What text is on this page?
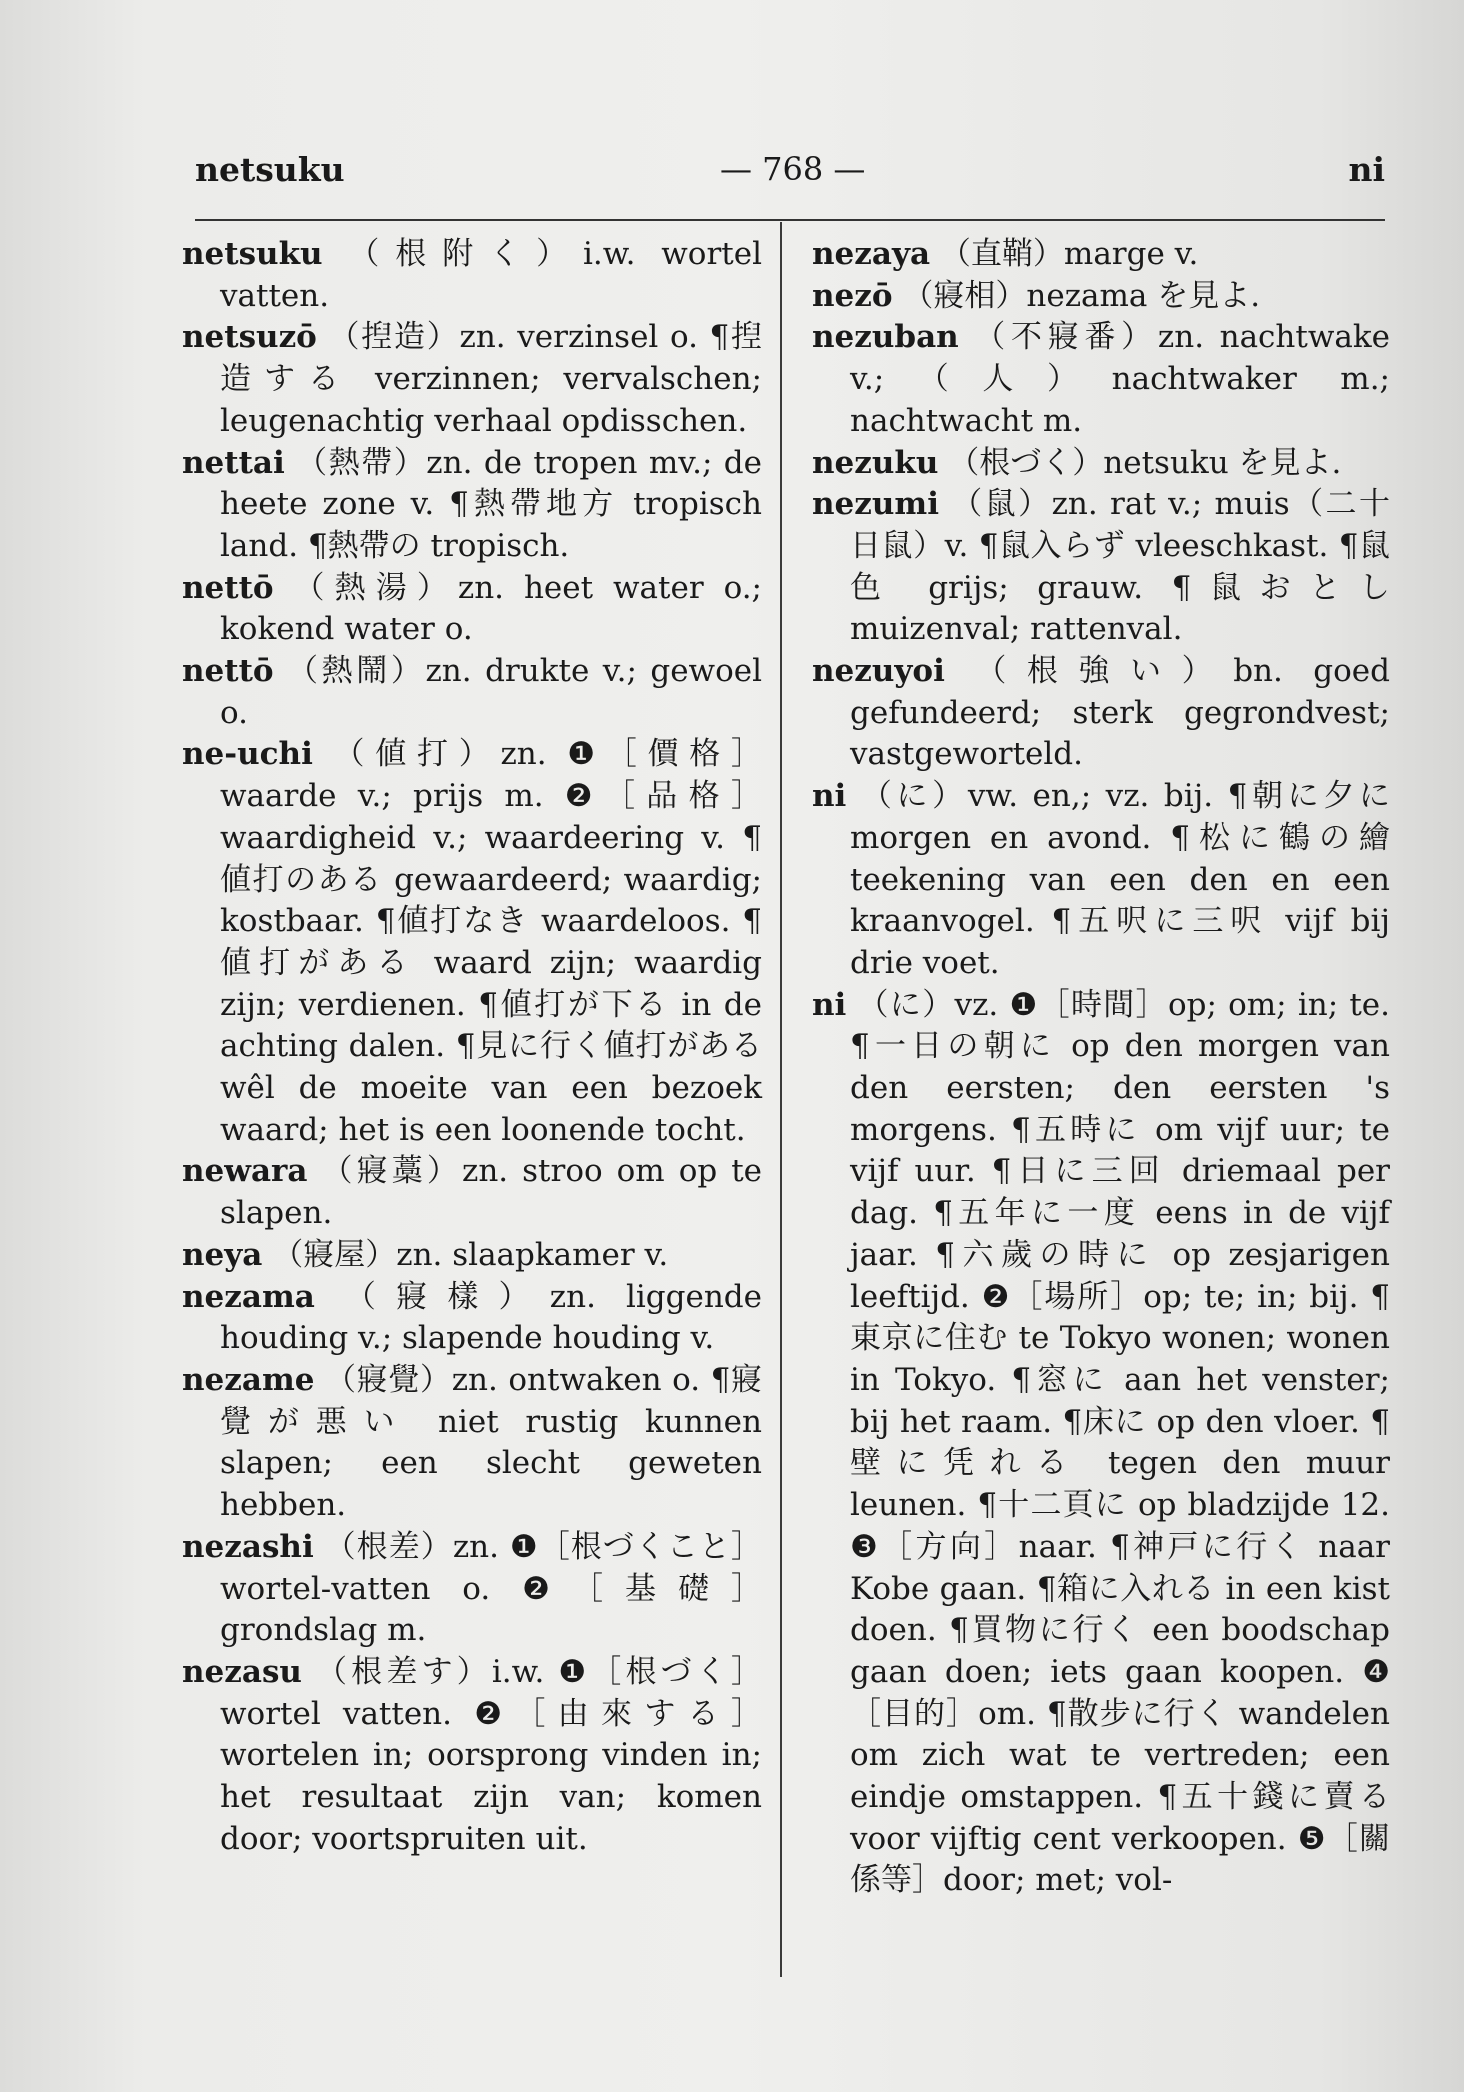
netsuku	— 768 —	ni

netsuku （根附く）i.w. wortel vatten.

netsuzō （揑造）zn. verzinsel o. ¶揑造する verzinnen; vervalschen; leugenachtig verhaal opdisschen.

nettai （熱帶）zn. de tropen mv.; de heete zone v. ¶熱帶地方 tropisch land. ¶熱帶の tropisch.

nettō （熱湯）zn. heet water o.; kokend water o.

nettō （熱鬧）zn. drukte v.; gewoel o.

ne-uchi （値打）zn. ❶［價格］waarde v.; prijs m. ❷［品格］waardigheid v.; waardeering v. ¶値打のある gewaardeerd; waardig; kostbaar. ¶値打なき waardeloos. ¶値打がある waard zijn; waardig zijn; verdienen. ¶値打が下る in de achting dalen. ¶見に行く値打がある wêl de moeite van een bezoek waard; het is een loonende tocht.

newara （寢藁）zn. stroo om op te slapen.

neya （寢屋）zn. slaapkamer v.

nezama （寢樣）zn. liggende houding v.; slapende houding v.

nezame （寢覺）zn. ontwaken o. ¶寢覺が悪い niet rustig kunnen slapen; een slecht geweten hebben.

nezashi （根差）zn. ❶［根づくこと］wortel-vatten o. ❷［基礎］grondslag m.

nezasu （根差す）i.w. ❶［根づく］wortel vatten. ❷［由來する］wortelen in; oorsprong vinden in; het resultaat zijn van; komen door; voortspruiten uit.

nezaya （直鞘）marge v.

nezō （寢相）nezama を見よ.

nezuban （不寢番）zn. nachtwake v.;（人）nachtwaker m.; nachtwacht m.

nezuku （根づく）netsuku を見よ.

nezumi （鼠）zn. rat v.; muis（二十日鼠）v. ¶鼠入らず vleeschkast. ¶鼠色 grijs; grauw. ¶鼠おとし muizenval; rattenval.

nezuyoi （根強い）bn. goed gefundeerd; sterk gegrondvest; vastgeworteld.

ni （に）vw. en,; vz. bij. ¶朝に夕に morgen en avond. ¶松に鶴の繪 teekening van een den en een kraanvogel. ¶五呎に三呎 vijf bij drie voet.

ni （に）vz. ❶［時間］op; om; in; te. ¶一日の朝に op den morgen van den eersten; den eersten 's morgens. ¶五時に om vijf uur; te vijf uur. ¶日に三回 driemaal per dag. ¶五年に一度 eens in de vijf jaar. ¶六歲の時に op zesjarigen leeftijd. ❷［場所］op; te; in; bij. ¶東京に住む te Tokyo wonen; wonen in Tokyo. ¶窓に aan het venster; bij het raam. ¶床に op den vloer. ¶壁に凭れる tegen den muur leunen. ¶十二頁に op bladzijde 12. ❸［方向］naar. ¶神戸に行く naar Kobe gaan. ¶箱に入れる in een kist doen. ¶買物に行く een boodschap gaan doen; iets gaan koopen. ❹［目的］om. ¶散步に行く wandelen om zich wat te vertreden; een eindje omstappen. ¶五十錢に賣る voor vijftig cent verkoopen. ❺［關係等］door; met; vol-
